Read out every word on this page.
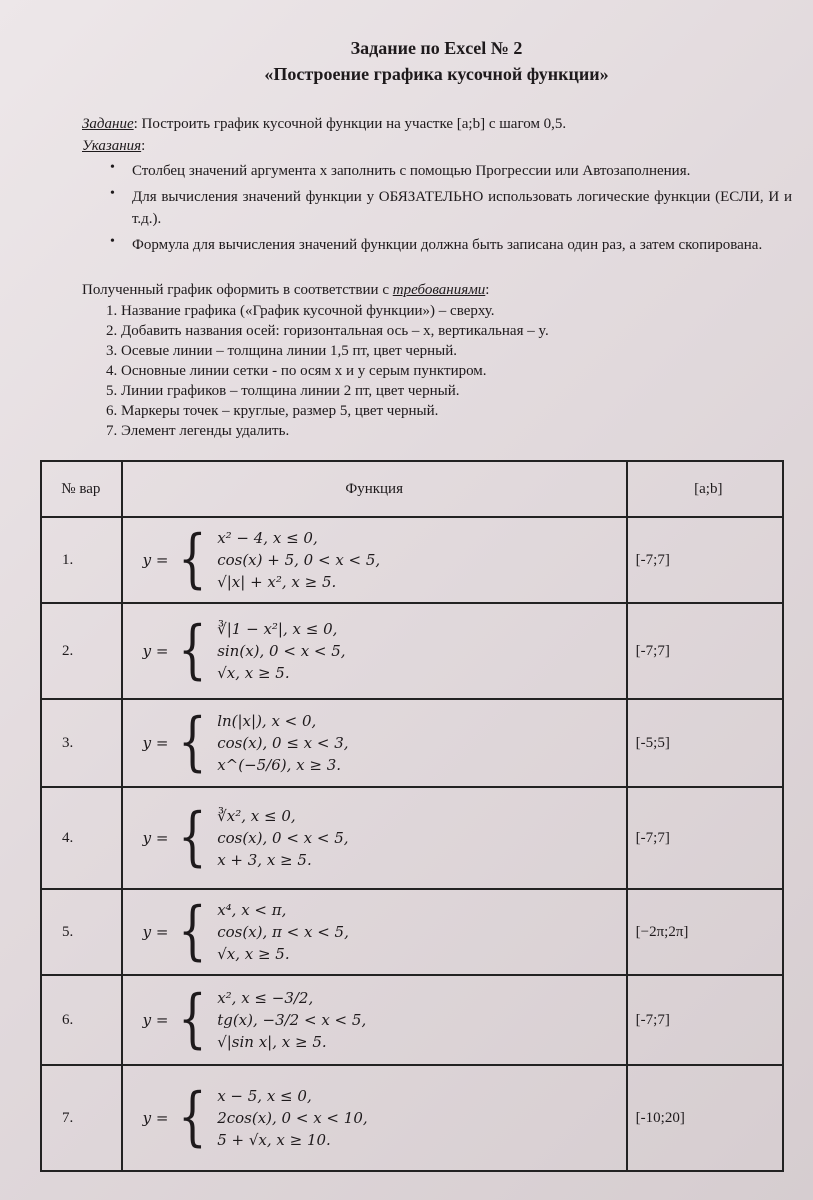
Задание по Excel № 2
«Построение графика кусочной функции»
Задание: Построить график кусочной функции на участке [a;b] с шагом 0,5.
Указания:
• Столбец значений аргумента x заполнить с помощью Прогрессии или Автозаполнения.
• Для вычисления значений функции y ОБЯЗАТЕЛЬНО использовать логические функции (ЕСЛИ, И и т.д.).
• Формула для вычисления значений функции должна быть записана один раз, а затем скопирована.
Полученный график оформить в соответствии с требованиями:
1. Название графика («График кусочной функции») – сверху.
2. Добавить названия осей: горизонтальная ось – x, вертикальная – y.
3. Осевые линии – толщина линии 1,5 пт, цвет черный.
4. Основные линии сетки - по осям x и y серым пунктиром.
5. Линии графиков – толщина линии 2 пт, цвет черный.
6. Маркеры точек – круглые, размер 5, цвет черный.
7. Элемент легенды удалить.
№ вар	Функция	[a;b]
1.	y = { x² − 4, x ≤ 0,
cos(x) + 5, 0 < x < 5,
√|x| + x², x ≥ 5.	[-7;7]
2.	y = { ∛|1 − x²|, x ≤ 0,
sin(x), 0 < x < 5,
√x, x ≥ 5.	[-7;7]
3.	y = { ln(|x|), x < 0,
cos(x), 0 ≤ x < 3,
x^(−5/6), x ≥ 3.	[-5;5]
4.	y = { ∛x², x ≤ 0,
cos(x), 0 < x < 5,
x + 3, x ≥ 5.	[-7;7]
5.	y = { x⁴, x < π,
cos(x), π < x < 5,
√x, x ≥ 5.	[−2π;2π]
6.	y = { x², x ≤ −3/2,
tg(x), −3/2 < x < 5,
√|sin x|, x ≥ 5.	[-7;7]
7.	y = { x − 5, x ≤ 0,
2cos(x), 0 < x < 10,
5 + √x, x ≥ 10.	[-10;20]
